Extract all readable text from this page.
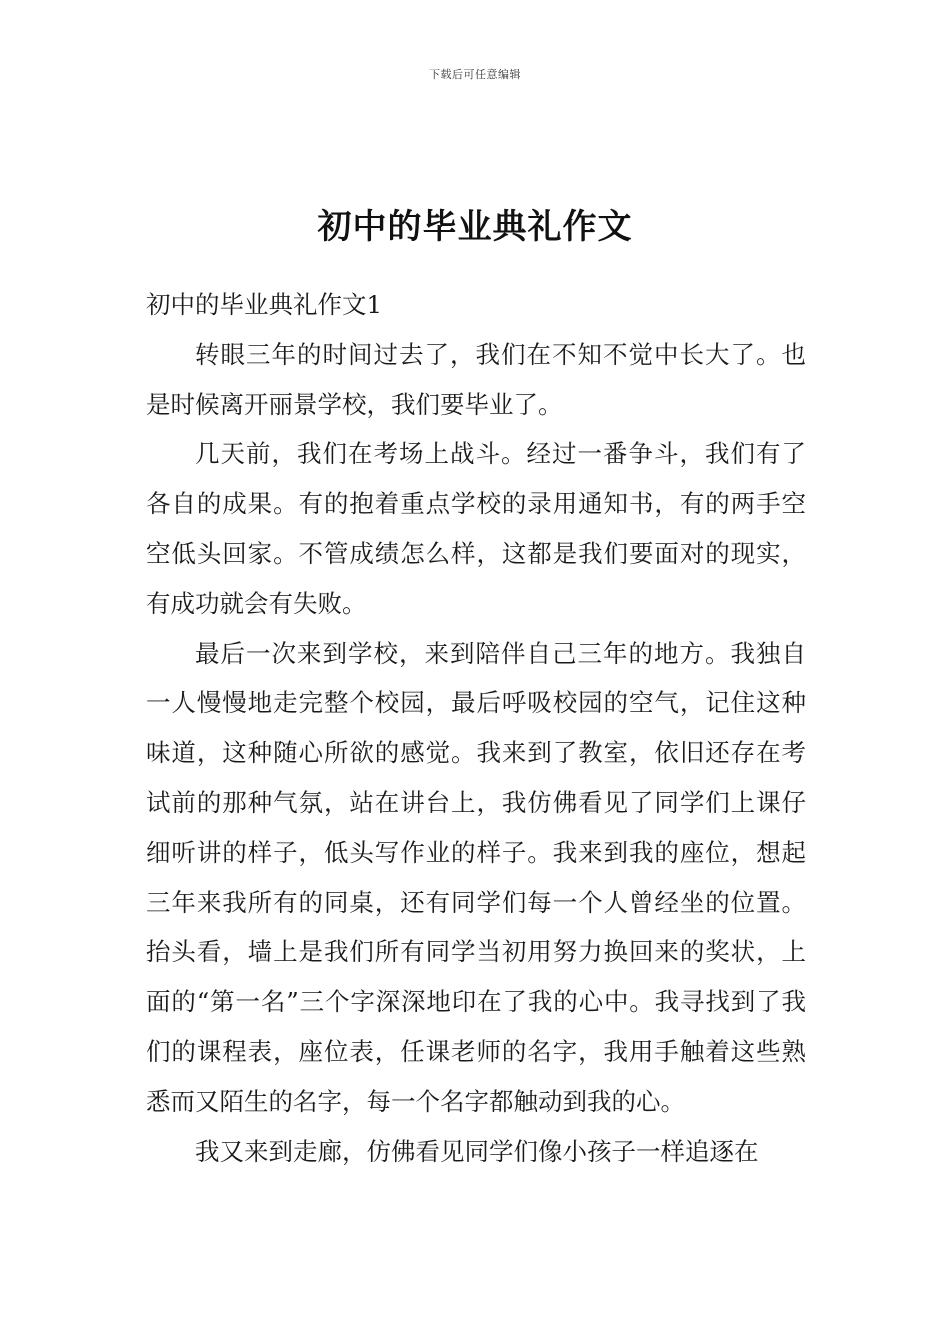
下载后可任意编辑
初中的毕业典礼作文

初中的毕业典礼作文1

转眼三年的时间过去了，我们在不知不觉中长大了。也是时候离开丽景学校，我们要毕业了。

几天前，我们在考场上战斗。经过一番争斗，我们有了各自的成果。有的抱着重点学校的录用通知书，有的两手空空低头回家。不管成绩怎么样，这都是我们要面对的现实，有成功就会有失败。

最后一次来到学校，来到陪伴自己三年的地方。我独自一人慢慢地走完整个校园，最后呼吸校园的空气，记住这种味道，这种随心所欲的感觉。我来到了教室，依旧还存在考试前的那种气氛，站在讲台上，我仿佛看见了同学们上课仔细听讲的样子，低头写作业的样子。我来到我的座位，想起三年来我所有的同桌，还有同学们每一个人曾经坐的位置。抬头看，墙上是我们所有同学当初用努力换回来的奖状，上面的“第一名”三个字深深地印在了我的心中。我寻找到了我们的课程表，座位表，任课老师的名字，我用手触着这些熟悉而又陌生的名字，每一个名字都触动到我的心。

我又来到走廊，仿佛看见同学们像小孩子一样追逐在
